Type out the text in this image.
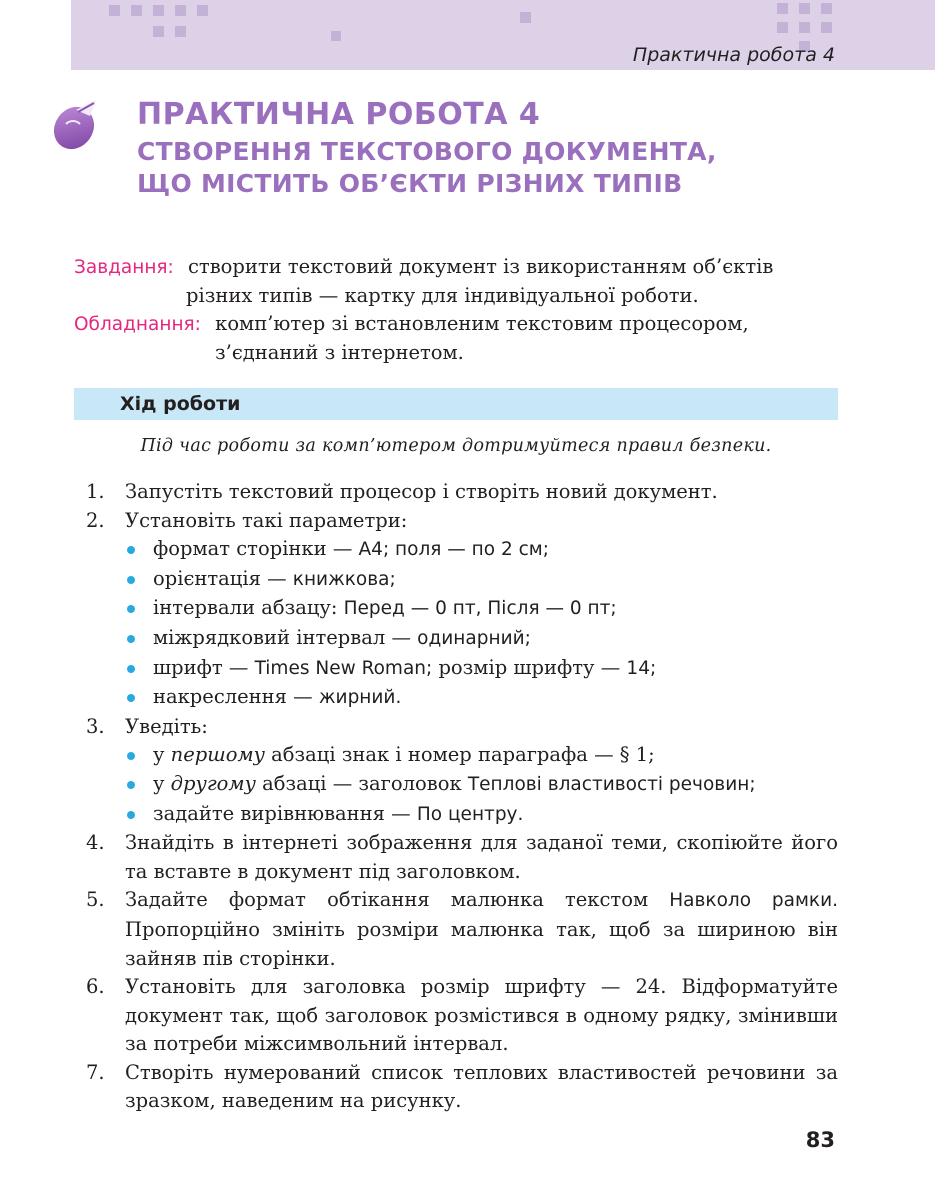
Практична робота 4
ПРАКТИЧНА РОБОТА 4
СТВОРЕННЯ ТЕКСТОВОГО ДОКУМЕНТА,
ЩО МІСТИТЬ ОБ’ЄКТИ РІЗНИХ ТИПІВ
Завдання: створити текстовий документ із використанням об’єктів
різних типів — картку для індивідуальної роботи.
Обладнання: комп’ютер зі встановленим текстовим процесором,
з’єднаний з інтернетом.
Хід роботи
Під час роботи за комп’ютером дотримуйтеся правил безпеки.
1. Запустіть текстовий процесор і створіть новий документ.
2. Установіть такі параметри:
формат сторінки — А4; поля — по 2 см;
орієнтація — книжкова;
інтервали абзацу: Перед — 0 пт, Після — 0 пт;
міжрядковий інтервал — одинарний;
шрифт — Times New Roman; розмір шрифту — 14;
накреслення — жирний.
3. Уведіть:
у першому абзаці знак і номер параграфа — § 1;
у другому абзаці — заголовок Теплові властивості речовин;
задайте вирівнювання — По центру.
4. Знайдіть в інтернеті зображення для заданої теми, скопіюйте його та вставте в документ під заголовком.
5. Задайте формат обтікання малюнка текстом Навколо рамки. Пропорційно змініть розміри малюнка так, щоб за шириною він зайняв пів сторінки.
6. Установіть для заголовка розмір шрифту — 24. Відформатуйте документ так, щоб заголовок розмістився в одному рядку, змінивши за потреби міжсимвольний інтервал.
7. Створіть нумерований список теплових властивостей речовини за зразком, наведеним на рисунку.
83
